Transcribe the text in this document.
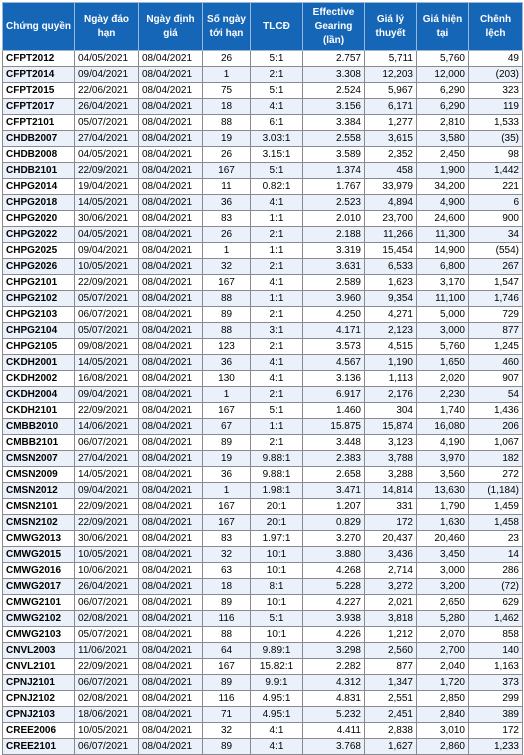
Chứng quyền	Ngày đáo hạn	Ngày định giá	Số ngày tới hạn	TLCĐ	Effective Gearing (lần)	Giá lý thuyết	Giá hiện tại	Chênh lệch
CFPT2012	04/05/2021	08/04/2021	26	5:1	2.757	5,711	5,760	49
CFPT2014	09/04/2021	08/04/2021	1	2:1	3.308	12,203	12,000	(203)
CFPT2015	22/06/2021	08/04/2021	75	5:1	2.524	5,967	6,290	323
CFPT2017	26/04/2021	08/04/2021	18	4:1	3.156	6,171	6,290	119
CFPT2101	05/07/2021	08/04/2021	88	6:1	3.384	1,277	2,810	1,533
CHDB2007	27/04/2021	08/04/2021	19	3.03:1	2.558	3,615	3,580	(35)
CHDB2008	04/05/2021	08/04/2021	26	3.15:1	3.589	2,352	2,450	98
CHDB2101	22/09/2021	08/04/2021	167	5:1	1.374	458	1,900	1,442
CHPG2014	19/04/2021	08/04/2021	11	0.82:1	1.767	33,979	34,200	221
CHPG2018	14/05/2021	08/04/2021	36	4:1	2.523	4,894	4,900	6
CHPG2020	30/06/2021	08/04/2021	83	1:1	2.010	23,700	24,600	900
CHPG2022	04/05/2021	08/04/2021	26	2:1	2.188	11,266	11,300	34
CHPG2025	09/04/2021	08/04/2021	1	1:1	3.319	15,454	14,900	(554)
CHPG2026	10/05/2021	08/04/2021	32	2:1	3.631	6,533	6,800	267
CHPG2101	22/09/2021	08/04/2021	167	4:1	2.589	1,623	3,170	1,547
CHPG2102	05/07/2021	08/04/2021	88	1:1	3.960	9,354	11,100	1,746
CHPG2103	06/07/2021	08/04/2021	89	2:1	4.250	4,271	5,000	729
CHPG2104	05/07/2021	08/04/2021	88	3:1	4.171	2,123	3,000	877
CHPG2105	09/08/2021	08/04/2021	123	2:1	3.573	4,515	5,760	1,245
CKDH2001	14/05/2021	08/04/2021	36	4:1	4.567	1,190	1,650	460
CKDH2002	16/08/2021	08/04/2021	130	4:1	3.136	1,113	2,020	907
CKDH2004	09/04/2021	08/04/2021	1	2:1	6.917	2,176	2,230	54
CKDH2101	22/09/2021	08/04/2021	167	5:1	1.460	304	1,740	1,436
CMBB2010	14/06/2021	08/04/2021	67	1:1	15.875	15,874	16,080	206
CMBB2101	06/07/2021	08/04/2021	89	2:1	3.448	3,123	4,190	1,067
CMSN2007	27/04/2021	08/04/2021	19	9.88:1	2.383	3,788	3,970	182
CMSN2009	14/05/2021	08/04/2021	36	9.88:1	2.658	3,288	3,560	272
CMSN2012	09/04/2021	08/04/2021	1	1.98:1	3.471	14,814	13,630	(1,184)
CMSN2101	22/09/2021	08/04/2021	167	20:1	1.207	331	1,790	1,459
CMSN2102	22/09/2021	08/04/2021	167	20:1	0.829	172	1,630	1,458
CMWG2013	30/06/2021	08/04/2021	83	1.97:1	3.270	20,437	20,460	23
CMWG2015	10/05/2021	08/04/2021	32	10:1	3.880	3,436	3,450	14
CMWG2016	10/06/2021	08/04/2021	63	10:1	4.268	2,714	3,000	286
CMWG2017	26/04/2021	08/04/2021	18	8:1	5.228	3,272	3,200	(72)
CMWG2101	06/07/2021	08/04/2021	89	10:1	4.227	2,021	2,650	629
CMWG2102	02/08/2021	08/04/2021	116	5:1	3.938	3,818	5,280	1,462
CMWG2103	05/07/2021	08/04/2021	88	10:1	4.226	1,212	2,070	858
CNVL2003	11/06/2021	08/04/2021	64	9.89:1	3.298	2,560	2,700	140
CNVL2101	22/09/2021	08/04/2021	167	15.82:1	2.282	877	2,040	1,163
CPNJ2101	06/07/2021	08/04/2021	89	9.9:1	4.312	1,347	1,720	373
CPNJ2102	02/08/2021	08/04/2021	116	4.95:1	4.831	2,551	2,850	299
CPNJ2103	18/06/2021	08/04/2021	71	4.95:1	5.232	2,451	2,840	389
CREE2006	10/05/2021	08/04/2021	32	4:1	4.411	2,838	3,010	172
CREE2101	06/07/2021	08/04/2021	89	4:1	3.768	1,627	2,860	1,233
